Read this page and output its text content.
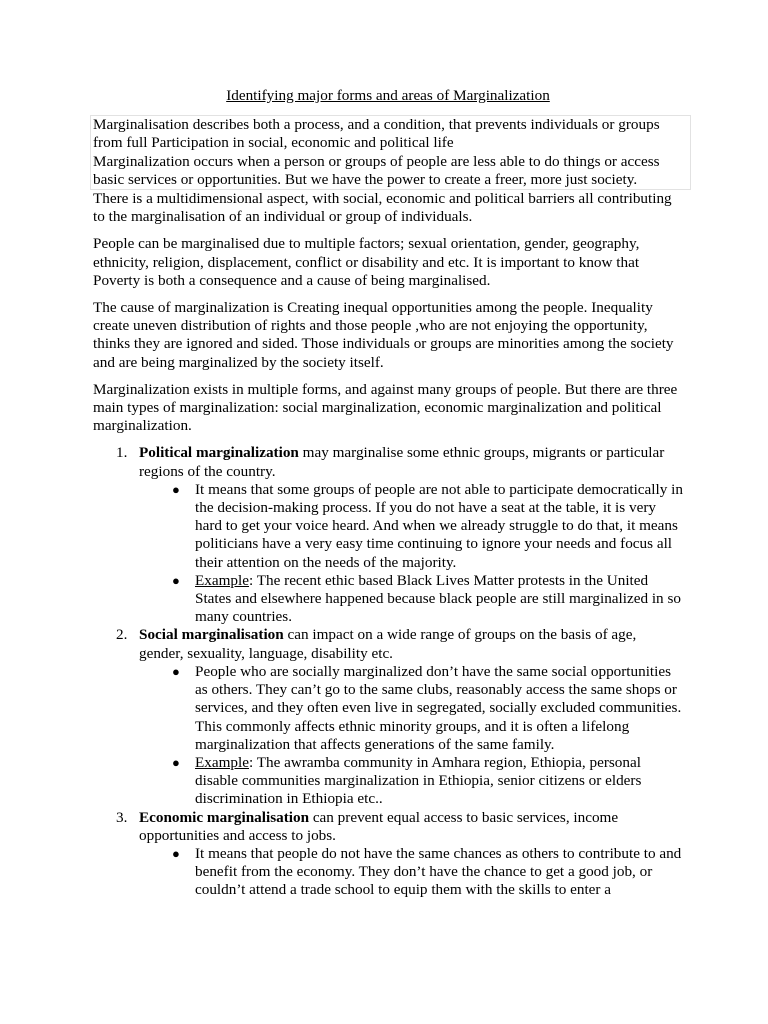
Identifying major forms and areas of Marginalization

Marginalisation describes both a process, and a condition, that prevents individuals or groups from full Participation in social, economic and political life

Marginalization occurs when a person or groups of people are less able to do things or access basic services or opportunities. But we have the power to create a freer, more just society.

There is a multidimensional aspect, with social, economic and political barriers all contributing to the marginalisation of an individual or group of individuals.

People can be marginalised due to multiple factors; sexual orientation, gender, geography, ethnicity, religion, displacement, conflict or disability and etc. It is important to know that Poverty is both a consequence and a cause of being marginalised.

The cause of marginalization is Creating inequal opportunities among the people. Inequality create uneven distribution of rights and those people ,who are not enjoying the opportunity, thinks they are ignored and sided. Those individuals or groups are minorities among the society and are being marginalized by the society itself.

Marginalization exists in multiple forms, and against many groups of people. But there are three main types of marginalization: social marginalization, economic marginalization and political marginalization.

1. Political marginalization may marginalise some ethnic groups, migrants or particular regions of the country.
● It means that some groups of people are not able to participate democratically in the decision-making process. If you do not have a seat at the table, it is very hard to get your voice heard. And when we already struggle to do that, it means politicians have a very easy time continuing to ignore your needs and focus all their attention on the needs of the majority.
● Example: The recent ethic based Black Lives Matter protests in the United States and elsewhere happened because black people are still marginalized in so many countries.
2. Social marginalisation can impact on a wide range of groups on the basis of age, gender, sexuality, language, disability etc.
● People who are socially marginalized don’t have the same social opportunities as others. They can’t go to the same clubs, reasonably access the same shops or services, and they often even live in segregated, socially excluded communities. This commonly affects ethnic minority groups, and it is often a lifelong marginalization that affects generations of the same family.
● Example: The awramba community in Amhara region, Ethiopia, personal disable communities marginalization in Ethiopia, senior citizens or elders discrimination in Ethiopia etc..
3. Economic marginalisation can prevent equal access to basic services, income opportunities and access to jobs.
● It means that people do not have the same chances as others to contribute to and benefit from the economy. They don’t have the chance to get a good job, or couldn’t attend a trade school to equip them with the skills to enter a
